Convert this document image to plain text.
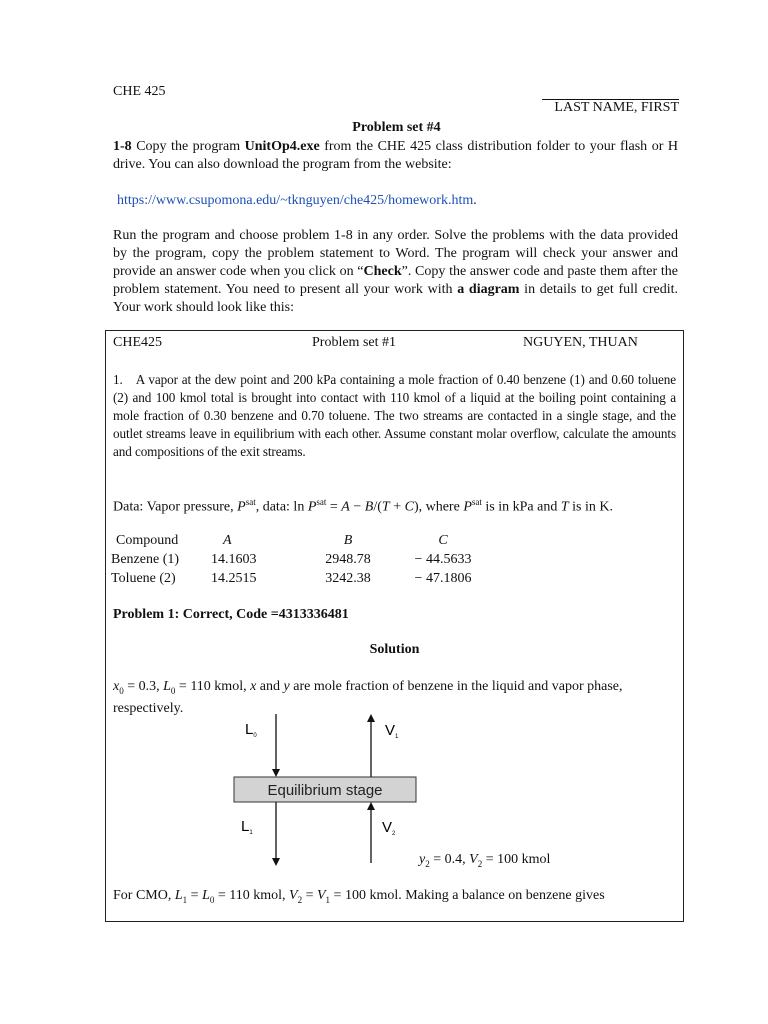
CHE 425
LAST NAME, FIRST
Problem set #4

1-8 Copy the program UnitOp4.exe from the CHE 425 class distribution folder to your flash or H drive. You can also download the program from the website:

https://www.csupomona.edu/~tknguyen/che425/homework.htm.

Run the program and choose problem 1-8 in any order. Solve the problems with the data provided by the program, copy the problem statement to Word. The program will check your answer and provide an answer code when you click on “Check”. Copy the answer code and paste them after the problem statement. You need to present all your work with a diagram in details to get full credit. Your work should look like this:

CHE425	Problem set #1	NGUYEN, THUAN
1. A vapor at the dew point and 200 kPa containing a mole fraction of 0.40 benzene (1) and 0.60 toluene (2) and 100 kmol total is brought into contact with 110 kmol of a liquid at the boiling point containing a mole fraction of 0.30 benzene and 0.70 toluene. The two streams are contacted in a single stage, and the outlet streams leave in equilibrium with each other. Assume constant molar overflow, calculate the amounts and compositions of the exit streams.
Data: Vapor pressure, $P^{sat}$, data: $\ln P^{sat} = A - B/(T + C)$, where $P^{sat}$ is in kPa and T is in K.
Compound	A	B	C
Benzene (1)	14.1603	2948.78	− 44.5633
Toluene (2)	14.2515	3242.38	− 47.1806
Problem 1: Correct, Code =4313336481
Solution
$x_0 = 0.3$, $L_0 = 110$ kmol, x and y are mole fraction of benzene in the liquid and vapor phase, respectively.
Equilibrium stage
$L_0$	$V_1$
$L_1$	$V_2$
$y_2 = 0.4$, $V_2 = 100$ kmol
For CMO, $L_1 = L_0 = 110$ kmol, $V_2 = V_1 = 100$ kmol. Making a balance on benzene gives
